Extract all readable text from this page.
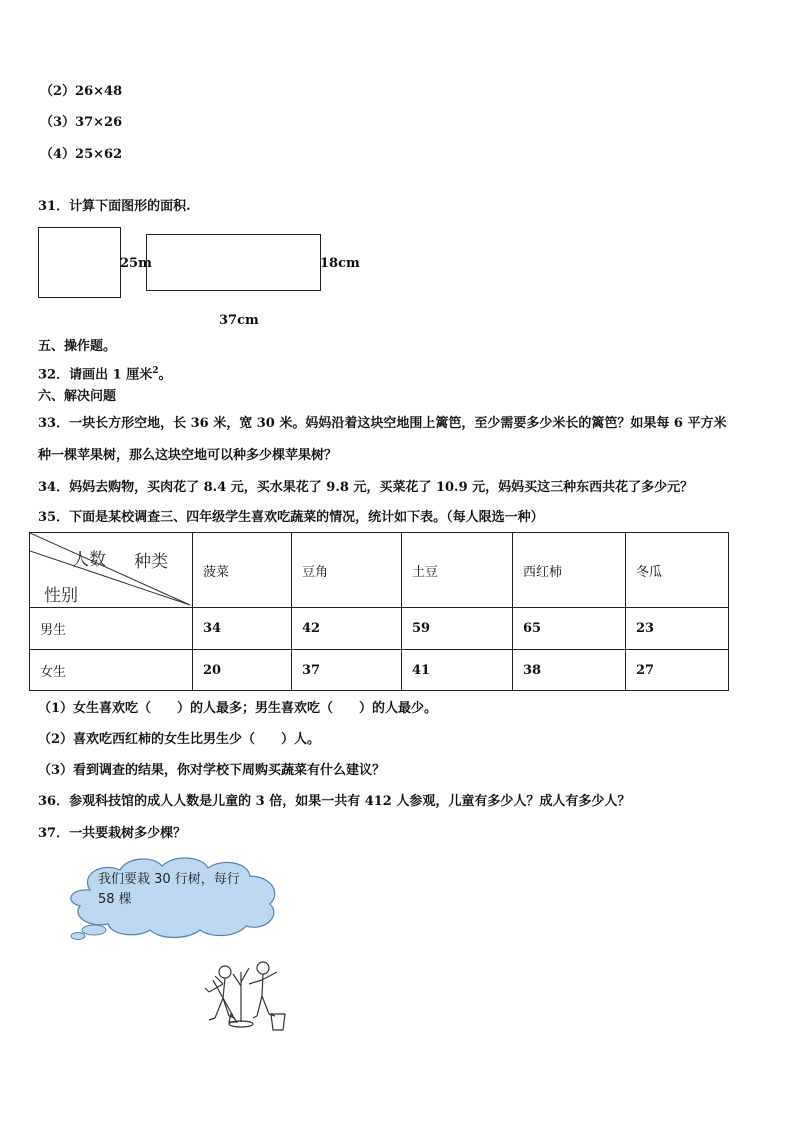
（2）26×48
（3）37×26
（4）25×62
31．计算下面图形的面积.
25m	18cm
37cm
五、操作题。
32．请画出 1 厘米$^2$。
六、解决问题
33．一块长方形空地，长 36 米，宽 30 米。妈妈沿着这块空地围上篱笆，至少需要多少米长的篱笆？如果每 6 平方米
种一棵苹果树，那么这块空地可以种多少棵苹果树？
34．妈妈去购物，买肉花了 8.4 元，买水果花了 9.8 元，买菜花了 10.9 元，妈妈买这三种东西共花了多少元？
35．下面是某校调查三、四年级学生喜欢吃蔬菜的情况，统计如下表。（每人限选一种）
人数 种类
性别	菠菜	豆角	土豆	西红柿	冬瓜
男生	34	42	59	65	23
女生	20	37	41	38	27
（1）女生喜欢吃（　　）的人最多；男生喜欢吃（　　）的人最少。
（2）喜欢吃西红柿的女生比男生少（　　）人。
（3）看到调查的结果，你对学校下周购买蔬菜有什么建议？
36．参观科技馆的成人人数是儿童的 3 倍，如果一共有 412 人参观，儿童有多少人？成人有多少人？
37．一共要栽树多少棵？
我们要栽 30 行树，每行 58 棵
